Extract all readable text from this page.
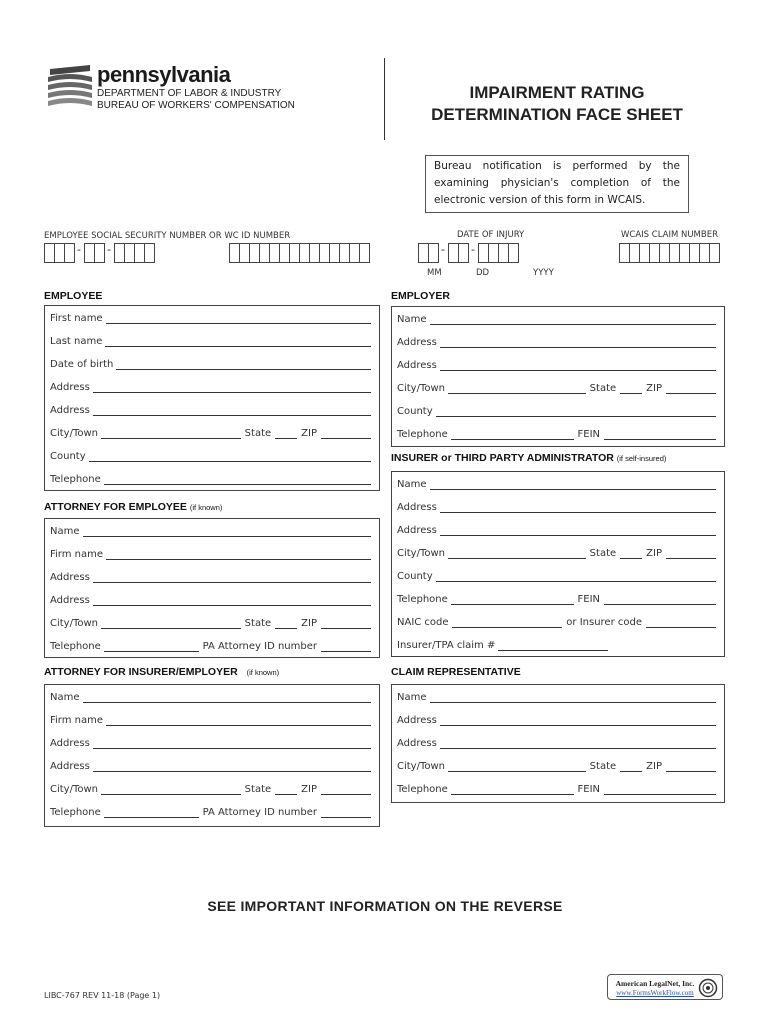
pennsylvania
DEPARTMENT OF LABOR & INDUSTRY
BUREAU OF WORKERS' COMPENSATION
IMPAIRMENT RATING
DETERMINATION FACE SHEET
Bureau notification is performed by the
examining physician's completion of the
electronic version of this form in WCAIS.
EMPLOYEE SOCIAL SECURITY NUMBER OR WC ID NUMBER	DATE OF INJURY	WCAIS CLAIM NUMBER
- -	- -
MM	DD	YYYY
EMPLOYEE
First name
Last name
Date of birth
Address
Address
City/Town	State	ZIP
County
Telephone
EMPLOYER
Name
Address
Address
City/Town	State	ZIP
County
Telephone	FEIN
INSURER or THIRD PARTY ADMINISTRATOR (if self-insured)
Name
Address
Address
City/Town	State	ZIP
County
Telephone	FEIN
NAIC code	or Insurer code
Insurer/TPA claim #
ATTORNEY FOR EMPLOYEE (if known)
Name
Firm name
Address
Address
City/Town	State	ZIP
Telephone	PA Attorney ID number
ATTORNEY FOR INSURER/EMPLOYER (if known)
Name
Firm name
Address
Address
City/Town	State	ZIP
Telephone	PA Attorney ID number
CLAIM REPRESENTATIVE
Name
Address
Address
City/Town	State	ZIP
Telephone	FEIN
SEE IMPORTANT INFORMATION ON THE REVERSE
LIBC-767 REV 11-18 (Page 1)
American LegalNet, Inc.
www.FormsWorkFlow.com
